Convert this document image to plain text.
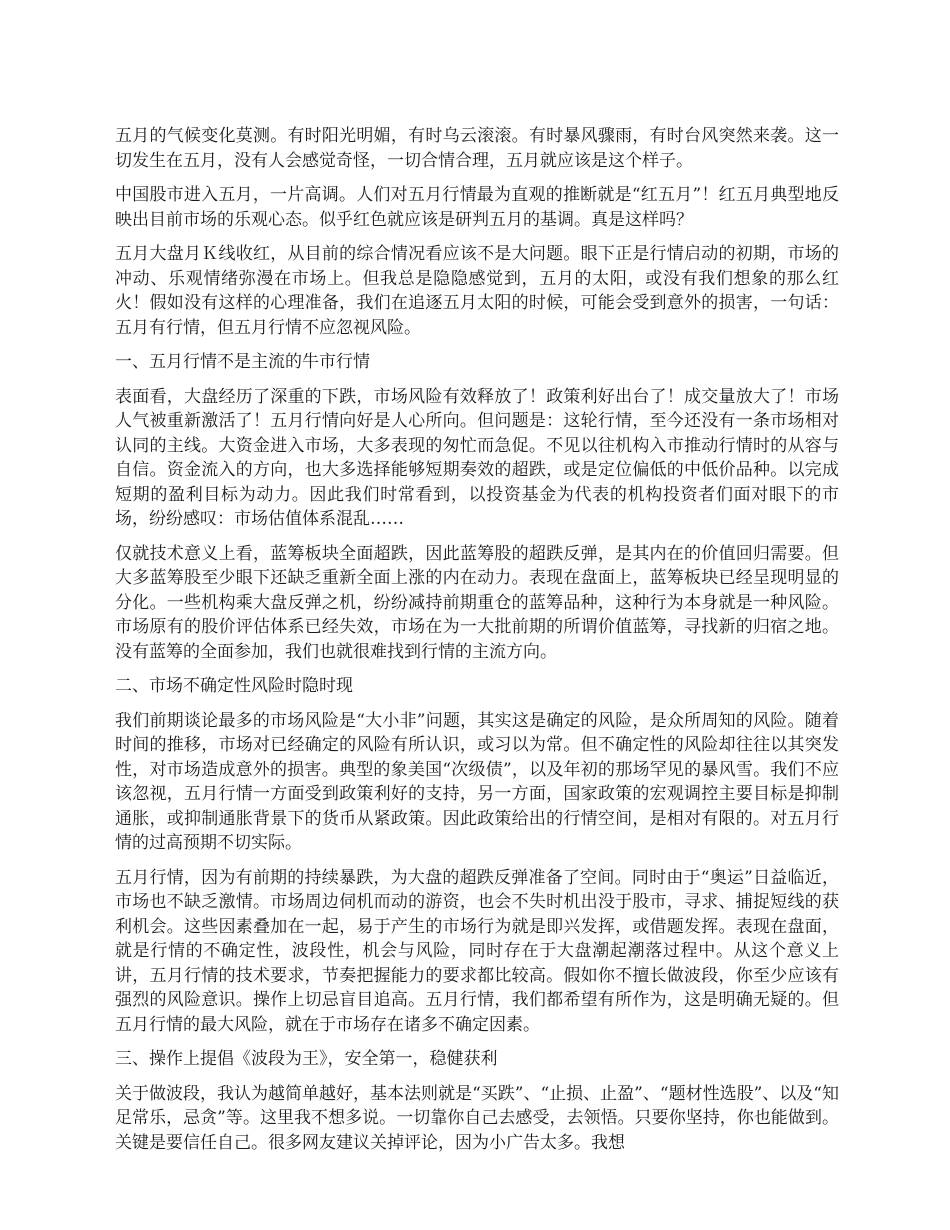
五月的气候变化莫测。有时阳光明媚，有时乌云滚滚。有时暴风骤雨，有时台风突然来袭。这一切发生在五月，没有人会感觉奇怪，一切合情合理，五月就应该是这个样子。

中国股市进入五月，一片高调。人们对五月行情最为直观的推断就是“红五月”！红五月典型地反映出目前市场的乐观心态。似乎红色就应该是研判五月的基调。真是这样吗？

五月大盘月Ｋ线收红，从目前的综合情况看应该不是大问题。眼下正是行情启动的初期，市场的冲动、乐观情绪弥漫在市场上。但我总是隐隐感觉到，五月的太阳，或没有我们想象的那么红火！假如没有这样的心理准备，我们在追逐五月太阳的时候，可能会受到意外的损害，一句话：五月有行情，但五月行情不应忽视风险。

一、五月行情不是主流的牛市行情

表面看，大盘经历了深重的下跌，市场风险有效释放了！政策利好出台了！成交量放大了！市场人气被重新激活了！五月行情向好是人心所向。但问题是：这轮行情，至今还没有一条市场相对认同的主线。大资金进入市场，大多表现的匆忙而急促。不见以往机构入市推动行情时的从容与自信。资金流入的方向，也大多选择能够短期奏效的超跌，或是定位偏低的中低价品种。以完成短期的盈利目标为动力。因此我们时常看到，以投资基金为代表的机构投资者们面对眼下的市场，纷纷感叹：市场估值体系混乱……

仅就技术意义上看，蓝筹板块全面超跌，因此蓝筹股的超跌反弹，是其内在的价值回归需要。但大多蓝筹股至少眼下还缺乏重新全面上涨的内在动力。表现在盘面上，蓝筹板块已经呈现明显的分化。一些机构乘大盘反弹之机，纷纷减持前期重仓的蓝筹品种，这种行为本身就是一种风险。市场原有的股价评估体系已经失效，市场在为一大批前期的所谓价值蓝筹，寻找新的归宿之地。没有蓝筹的全面参加，我们也就很难找到行情的主流方向。

二、市场不确定性风险时隐时现

我们前期谈论最多的市场风险是“大小非”问题，其实这是确定的风险，是众所周知的风险。随着时间的推移，市场对已经确定的风险有所认识，或习以为常。但不确定性的风险却往往以其突发性，对市场造成意外的损害。典型的象美国“次级债”，以及年初的那场罕见的暴风雪。我们不应该忽视，五月行情一方面受到政策利好的支持，另一方面，国家政策的宏观调控主要目标是抑制通胀，或抑制通胀背景下的货币从紧政策。因此政策给出的行情空间，是相对有限的。对五月行情的过高预期不切实际。

五月行情，因为有前期的持续暴跌，为大盘的超跌反弹准备了空间。同时由于“奥运”日益临近，市场也不缺乏激情。市场周边伺机而动的游资，也会不失时机出没于股市，寻求、捕捉短线的获利机会。这些因素叠加在一起，易于产生的市场行为就是即兴发挥，或借题发挥。表现在盘面，就是行情的不确定性，波段性，机会与风险，同时存在于大盘潮起潮落过程中。从这个意义上讲，五月行情的技术要求，节奏把握能力的要求都比较高。假如你不擅长做波段，你至少应该有强烈的风险意识。操作上切忌盲目追高。五月行情，我们都希望有所作为，这是明确无疑的。但五月行情的最大风险，就在于市场存在诸多不确定因素。

三、操作上提倡《波段为王》，安全第一，稳健获利

关于做波段，我认为越简单越好，基本法则就是“买跌”、“止损、止盈”、“题材性选股”、以及“知足常乐，忌贪”等。这里我不想多说。一切靠你自己去感受，去领悟。只要你坚持，你也能做到。关键是要信任自己。很多网友建议关掉评论，因为小广告太多。我想
